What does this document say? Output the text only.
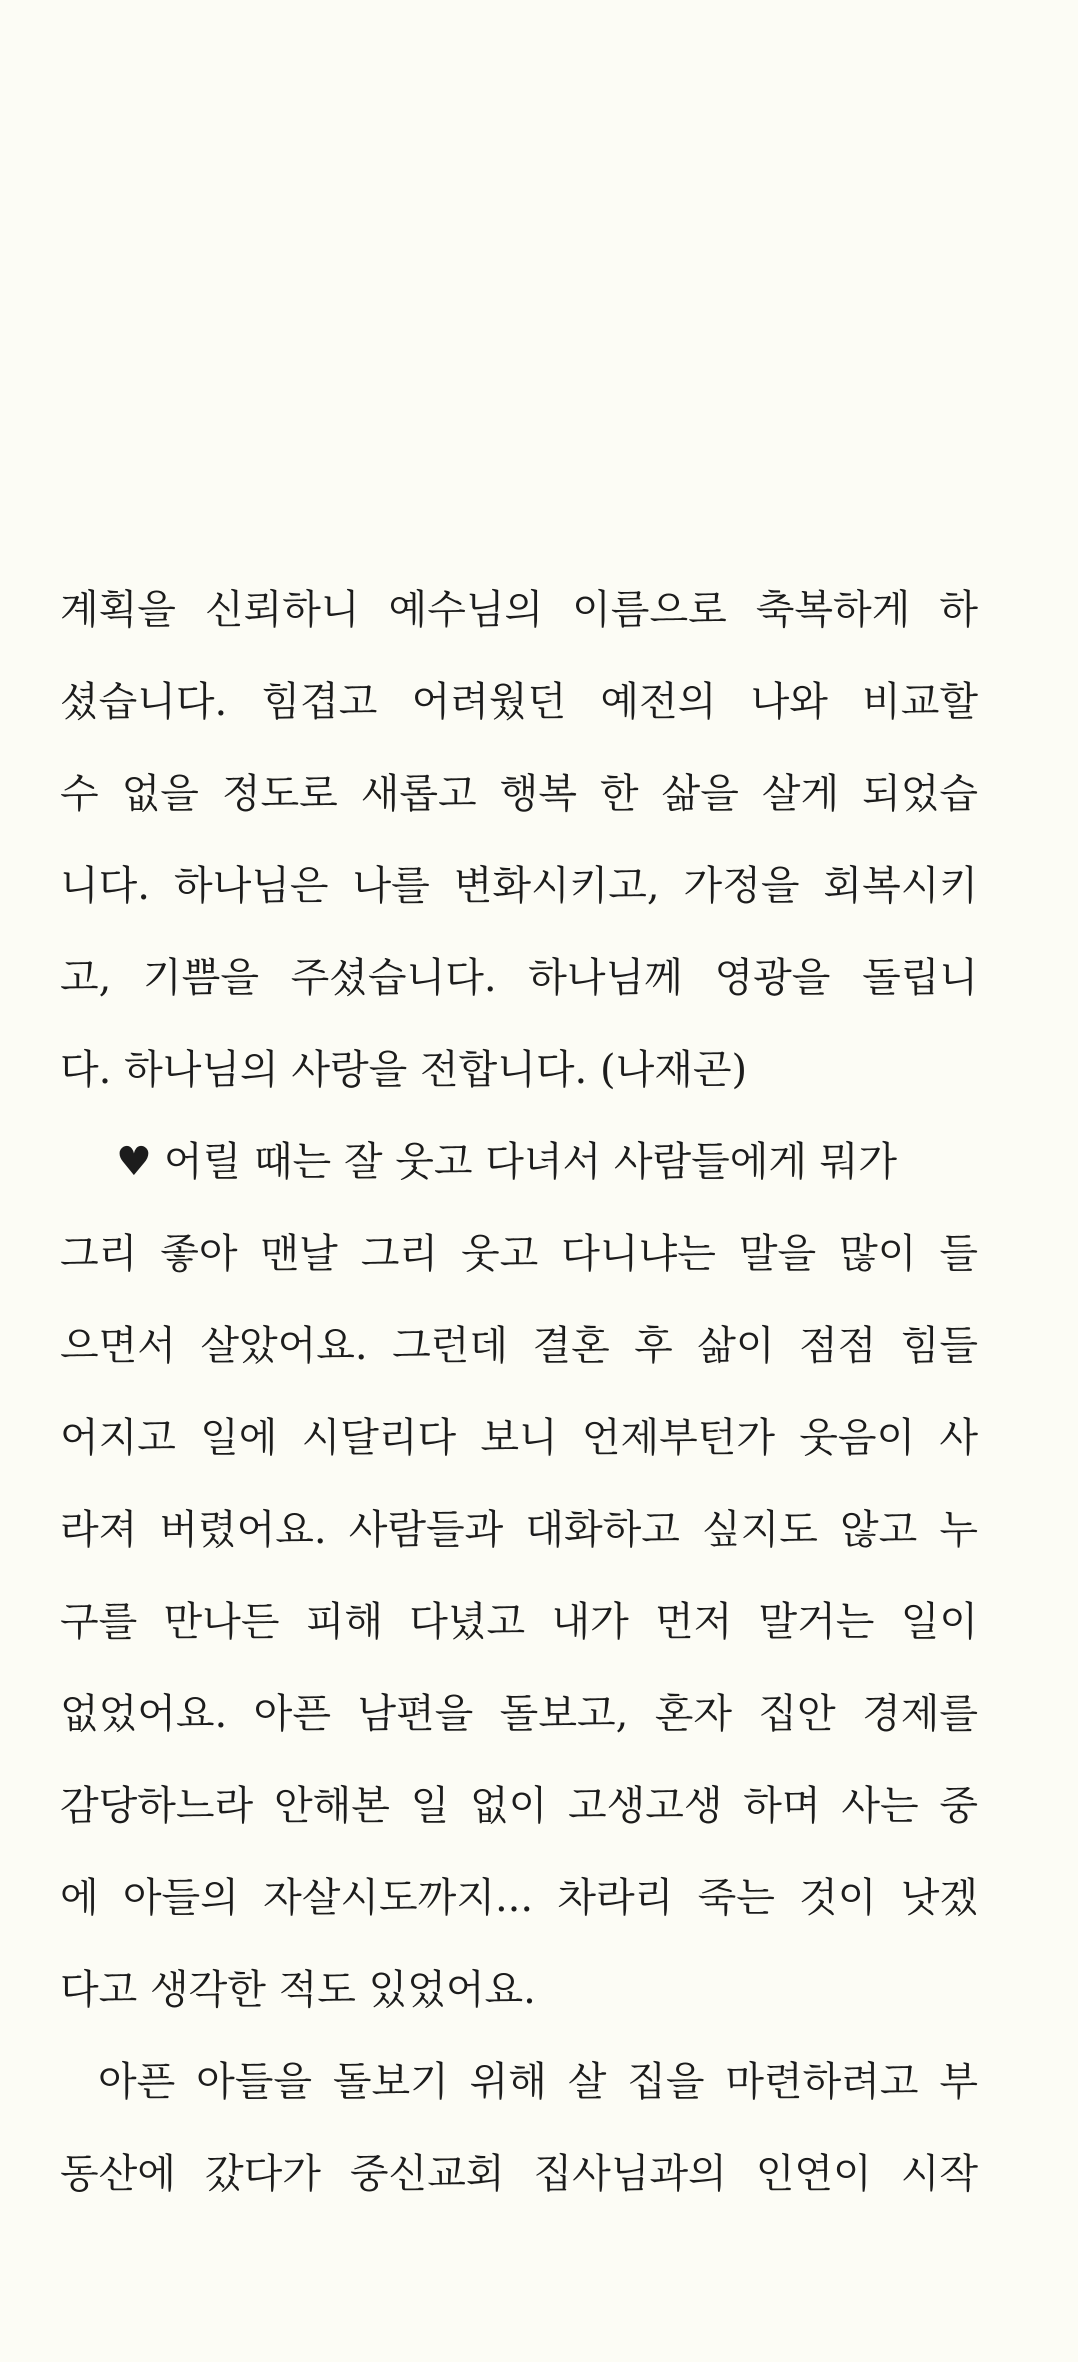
계획을 신뢰하니 예수님의 이름으로 축복하게 하
셨습니다. 힘겹고 어려웠던 예전의 나와 비교할
수 없을 정도로 새롭고 행복 한 삶을 살게 되었습
니다. 하나님은 나를 변화시키고, 가정을 회복시키
고, 기쁨을 주셨습니다. 하나님께 영광을 돌립니
다. 하나님의 사랑을 전합니다. (나재곤)
♥ 어릴 때는 잘 웃고 다녀서 사람들에게 뭐가
그리 좋아 맨날 그리 웃고 다니냐는 말을 많이 들
으면서 살았어요. 그런데 결혼 후 삶이 점점 힘들
어지고 일에 시달리다 보니 언제부턴가 웃음이 사
라져 버렸어요. 사람들과 대화하고 싶지도 않고 누
구를 만나든 피해 다녔고 내가 먼저 말거는 일이
없었어요. 아픈 남편을 돌보고, 혼자 집안 경제를
감당하느라 안해본 일 없이 고생고생 하며 사는 중
에 아들의 자살시도까지... 차라리 죽는 것이 낫겠
다고 생각한 적도 있었어요.
아픈 아들을 돌보기 위해 살 집을 마련하려고 부
동산에 갔다가 중신교회 집사님과의 인연이 시작
